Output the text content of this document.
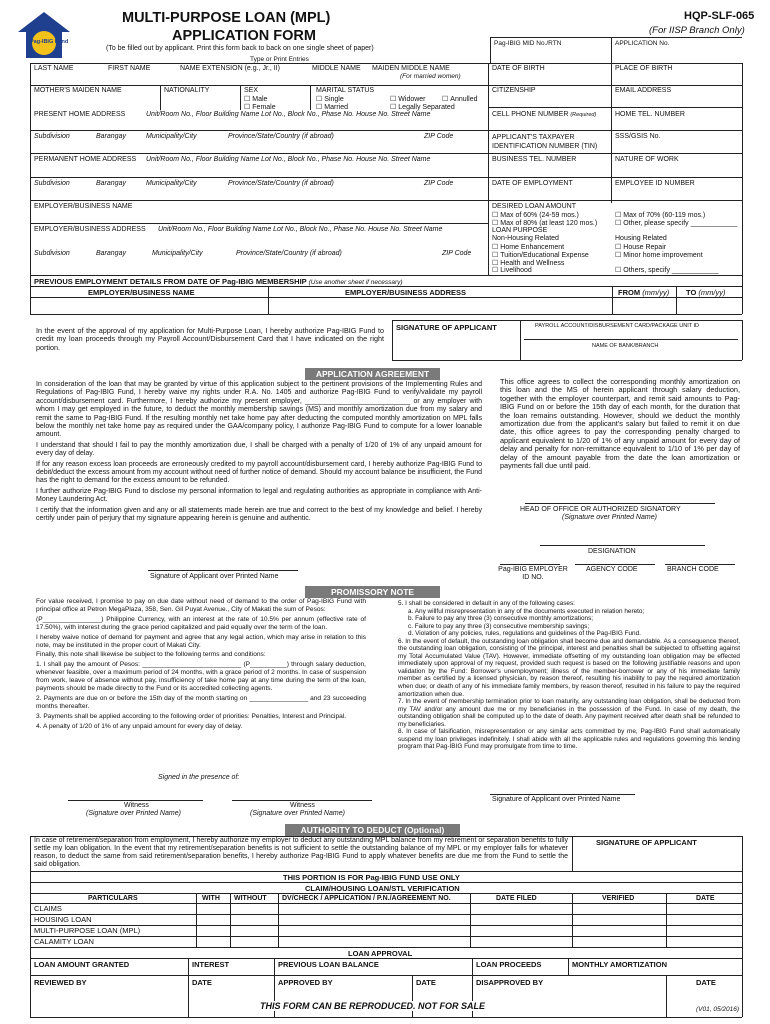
Pag-IBIG Fund
MULTI-PURPOSE LOAN (MPL)
APPLICATION FORM
HQP-SLF-065
(For IISP Branch Only)
(To be filled out by applicant. Print this form back to back on one single sheet of paper)
Type or Print Entries
Pag-IBIG MID No./RTN	APPLICATION No.
LAST NAME	FIRST NAME	NAME EXTENSION (e.g., Jr., II)	MIDDLE NAME MAIDEN MIDDLE NAME
(For married women)
DATE OF BIRTH	PLACE OF BIRTH
MOTHER'S MAIDEN NAME	NATIONALITY	SEX
☐ Male
☐ Female
MARITAL STATUS
☐ Single
☐ Married
☐ Widower
☐	Annulled
☐ Legally Separated
CITIZENSHIP	EMAIL ADDRESS
PRESENT HOME ADDRESS	Unit/Room No., Floor Building Name Lot No., Block No., Phase No. House No. Street Name	CELL PHONE NUMBER (Required)	HOME TEL. NUMBER
Subdivision	Barangay	Municipality/City	Province/State/Country (if abroad)	ZIP Code	APPLICANT'S TAXPAYER IDENTIFICATION NUMBER (TIN)
SSS/GSIS No.
PERMANENT HOME ADDRESS Unit/Room No., Floor Building Name Lot No., Block No., Phase No. House No. Street Name	BUSINESS TEL. NUMBER	NATURE OF WORK
Subdivision	Barangay	Municipality/City	Province/State/Country (if abroad)	ZIP Code	DATE OF EMPLOYMENT	EMPLOYEE ID NUMBER
EMPLOYER/BUSINESS NAME
EMPLOYER/BUSINESS ADDRESS Unit/Room No., Floor Building Name Lot No., Block No., Phase No. House No. Street Name
Subdivision	Barangay	Municipality/City	Province/State/Country (if abroad)	ZIP Code
DESIRED LOAN AMOUNT
☐ Max of 60% (24-59 mos.)
☐ Max of 80% (at least 120 mos.)
☐ Max of 70% (60-119 mos.)
☐ Other, please specify ____________
LOAN PURPOSE
Non-Housing Related
☐ Home Enhancement
☐ Tuition/Educational Expense
☐ Health and Wellness
☐ Livelihood
Housing Related
☐ House Repair
☐ Minor home improvement
☐ Others, specify ____________
PREVIOUS EMPLOYMENT DETAILS FROM DATE OF Pag-IBIG MEMBERSHIP (Use another sheet if necessary)
EMPLOYER/BUSINESS NAME	EMPLOYER/BUSINESS ADDRESS	FROM (mm/yy) TO (mm/yy)
In the event of the approval of my application for Multi-Purpose Loan, I hereby authorize Pag-IBIG Fund to credit my loan proceeds through my Payroll Account/Disbursement Card that I have indicated on the right portion.
SIGNATURE OF APPLICANT	PAYROLL ACCOUNT/DISBURSEMENT CARD/PACKAGE UNIT ID
NAME OF BANK/BRANCH
APPLICATION AGREEMENT
In consideration of the loan that may be granted by virtue of this application subject to the pertinent provisions of the Implementing Rules and Regulations of Pag-IBIG Fund, I hereby waive my rights under R.A. No. 1405 and authorize Pag-IBIG Fund to verify/validate my payroll account/disbursement card. Furthermore, I hereby authorize my present employer, ___________________________ or any employer with whom I may get employed in the future, to deduct the monthly membership savings (MS) and monthly amortization due from my salary and remit the same to Pag-IBIG Fund. If the resulting monthly net take home pay after deducting the computed monthly amortization on MPL falls below the monthly net take home pay as required under the GAA/company policy, I authorize Pag-IBIG Fund to compute for a lower loanable amount.
I understand that should I fail to pay the monthly amortization due, I shall be charged with a penalty of 1/20 of 1% of any unpaid amount for every day of delay.
If for any reason excess loan proceeds are erroneously credited to my payroll account/disbursement card, I hereby authorize Pag-IBIG Fund to debit/deduct the excess amount from my account without need of further notice of demand. Should my account balance be insufficient, the Fund has the right to demand for the excess amount to be refunded.
I further authorize Pag-IBIG Fund to disclose my personal information to legal and regulating authorities as appropriate in compliance with Anti-Money Laundering Act.
I certify that the information given and any or all statements made herein are true and correct to the best of my knowledge and belief. I hereby certify under pain of perjury that my signature appearing herein is genuine and authentic.
This office agrees to collect the corresponding monthly amortization on this loan and the MS of herein applicant through salary deduction, together with the employer counterpart, and remit said amounts to Pag-IBIG Fund on or before the 15th day of each month, for the duration that the loan remains outstanding. However, should we deduct the monthly amortization due from the applicant's salary but failed to remit it on due date, this office agrees to pay the corresponding penalty charged to applicant equivalent to 1/20 of 1% of any unpaid amount for every day of delay and penalty for non-remittance equivalent to 1/10 of 1% per day of delay of the amount payable from the date the loan amortization or payments fall due until paid.
HEAD OF OFFICE OR AUTHORIZED SIGNATORY
(Signature over Printed Name)
DESIGNATION
Pag-IBIG EMPLOYER ID NO.
AGENCY CODE	BRANCH CODE
Signature of Applicant over Printed Name
PROMISSORY NOTE
For value received, I promise to pay on due date without need of demand to the order of Pag-IBIG Fund with principal office at Petron MegaPlaza, 358, Sen. Gil Puyat Avenue., City of Makati the sum of Pesos:
(P________________) Philippine Currency, with an interest at the rate of 10.5% per annum (effective rate of 17.50%), with interest during the grace period capitalized and paid equally over the term of the loan.
I hereby waive notice of demand for payment and agree that any legal action, which may arise in relation to this note, may be instituted in the proper court of Makati City.
Finally, this note shall likewise be subject to the following terms and conditions:
1. I shall pay the amount of Pesos: ___________________________ (P__________) through salary deduction, whenever feasible, over a maximum period of 24 months, with a grace period of 2 months. In case of suspension from work, leave of absence without pay, insufficiency of take home pay at any time during the term of the loan, payments should be made directly to the Fund or its accredited collecting agents.
2. Payments are due on or before the 15th day of the month starting on ________________ and 23 succeeding months thereafter.
3. Payments shall be applied according to the following order of priorities: Penalties, Interest and Principal.
4. A penalty of 1/20 of 1% of any unpaid amount for every day of delay.
5. I shall be considered in default in any of the following cases:
a. Any willful misrepresentation in any of the documents executed in relation hereto;
b. Failure to pay any three (3) consecutive monthly amortizations;
c. Failure to pay any three (3) consecutive membership savings;
d. Violation of any policies, rules, regulations and guidelines of the Pag-IBIG Fund.
6. In the event of default, the outstanding loan obligation shall become due and demandable. As a consequence thereof, the outstanding loan obligation, consisting of the principal, interest and penalties shall be subjected to offsetting against my Total Accumulated Value (TAV). However, immediate offsetting of my outstanding loan obligation may be effected immediately upon approval of my request, provided such request is based on the following justifiable reasons and upon validation by the Fund: Borrower's unemployment; illness of the member-borrower or any of his immediate family member as certified by a licensed physician, by reason thereof, resulting his inability to pay the required amortization when due; or death of any of his immediate family members, by reason thereof, resulted in his failure to pay the required amortization when due.
7. In the event of membership termination prior to loan maturity, any outstanding loan obligation, shall be deducted from my TAV and/or any amount due me or my beneficiaries in the possession of the Fund. In case of my death, the outstanding obligation shall be computed up to the date of death. Any payment received after death shall be refunded to my beneficiaries.
8. In case of falsification, misrepresentation or any similar acts committed by me, Pag-IBIG Fund shall automatically suspend my loan privileges indefinitely. I shall abide with all the applicable rules and regulations governing this lending program that Pag-IBIG Fund may promulgate from time to time.
Signed in the presence of:
Witness
(Signature over Printed Name)
Witness
(Signature over Printed Name)
Signature of Applicant over Printed Name
AUTHORITY TO DEDUCT (Optional)
In case of retirement/separation from employment, I hereby authorize my employer to deduct any outstanding MPL balance from my retirement or separation benefits to fully settle my loan obligation. In the event that my retirement/separation benefits is not sufficient to settle the outstanding balance of my MPL or my employer falls for whatever reason, to deduct the same from said retirement/separation benefits, I hereby authorize Pag-IBIG Fund to apply whatever benefits are due me from the Fund to settle the said obligation.
SIGNATURE OF APPLICANT
THIS PORTION IS FOR Pag-IBIG FUND USE ONLY
CLAIM/HOUSING LOAN/STL VERIFICATION
PARTICULARS	WITH WITHOUT DV/CHECK / APPLICATION / P.N./AGREEMENT NO.	DATE FILED	VERIFIED	DATE
CLAIMS
HOUSING LOAN
MULTI-PURPOSE LOAN (MPL)
CALAMITY LOAN
LOAN APPROVAL
LOAN AMOUNT GRANTED	INTEREST	PREVIOUS LOAN BALANCE	LOAN PROCEEDS	MONTHLY AMORTIZATION
REVIEWED BY	DATE	APPROVED BY	DATE	DISAPPROVED BY	DATE
THIS FORM CAN BE REPRODUCED. NOT FOR SALE	(V01, 05/2016)
